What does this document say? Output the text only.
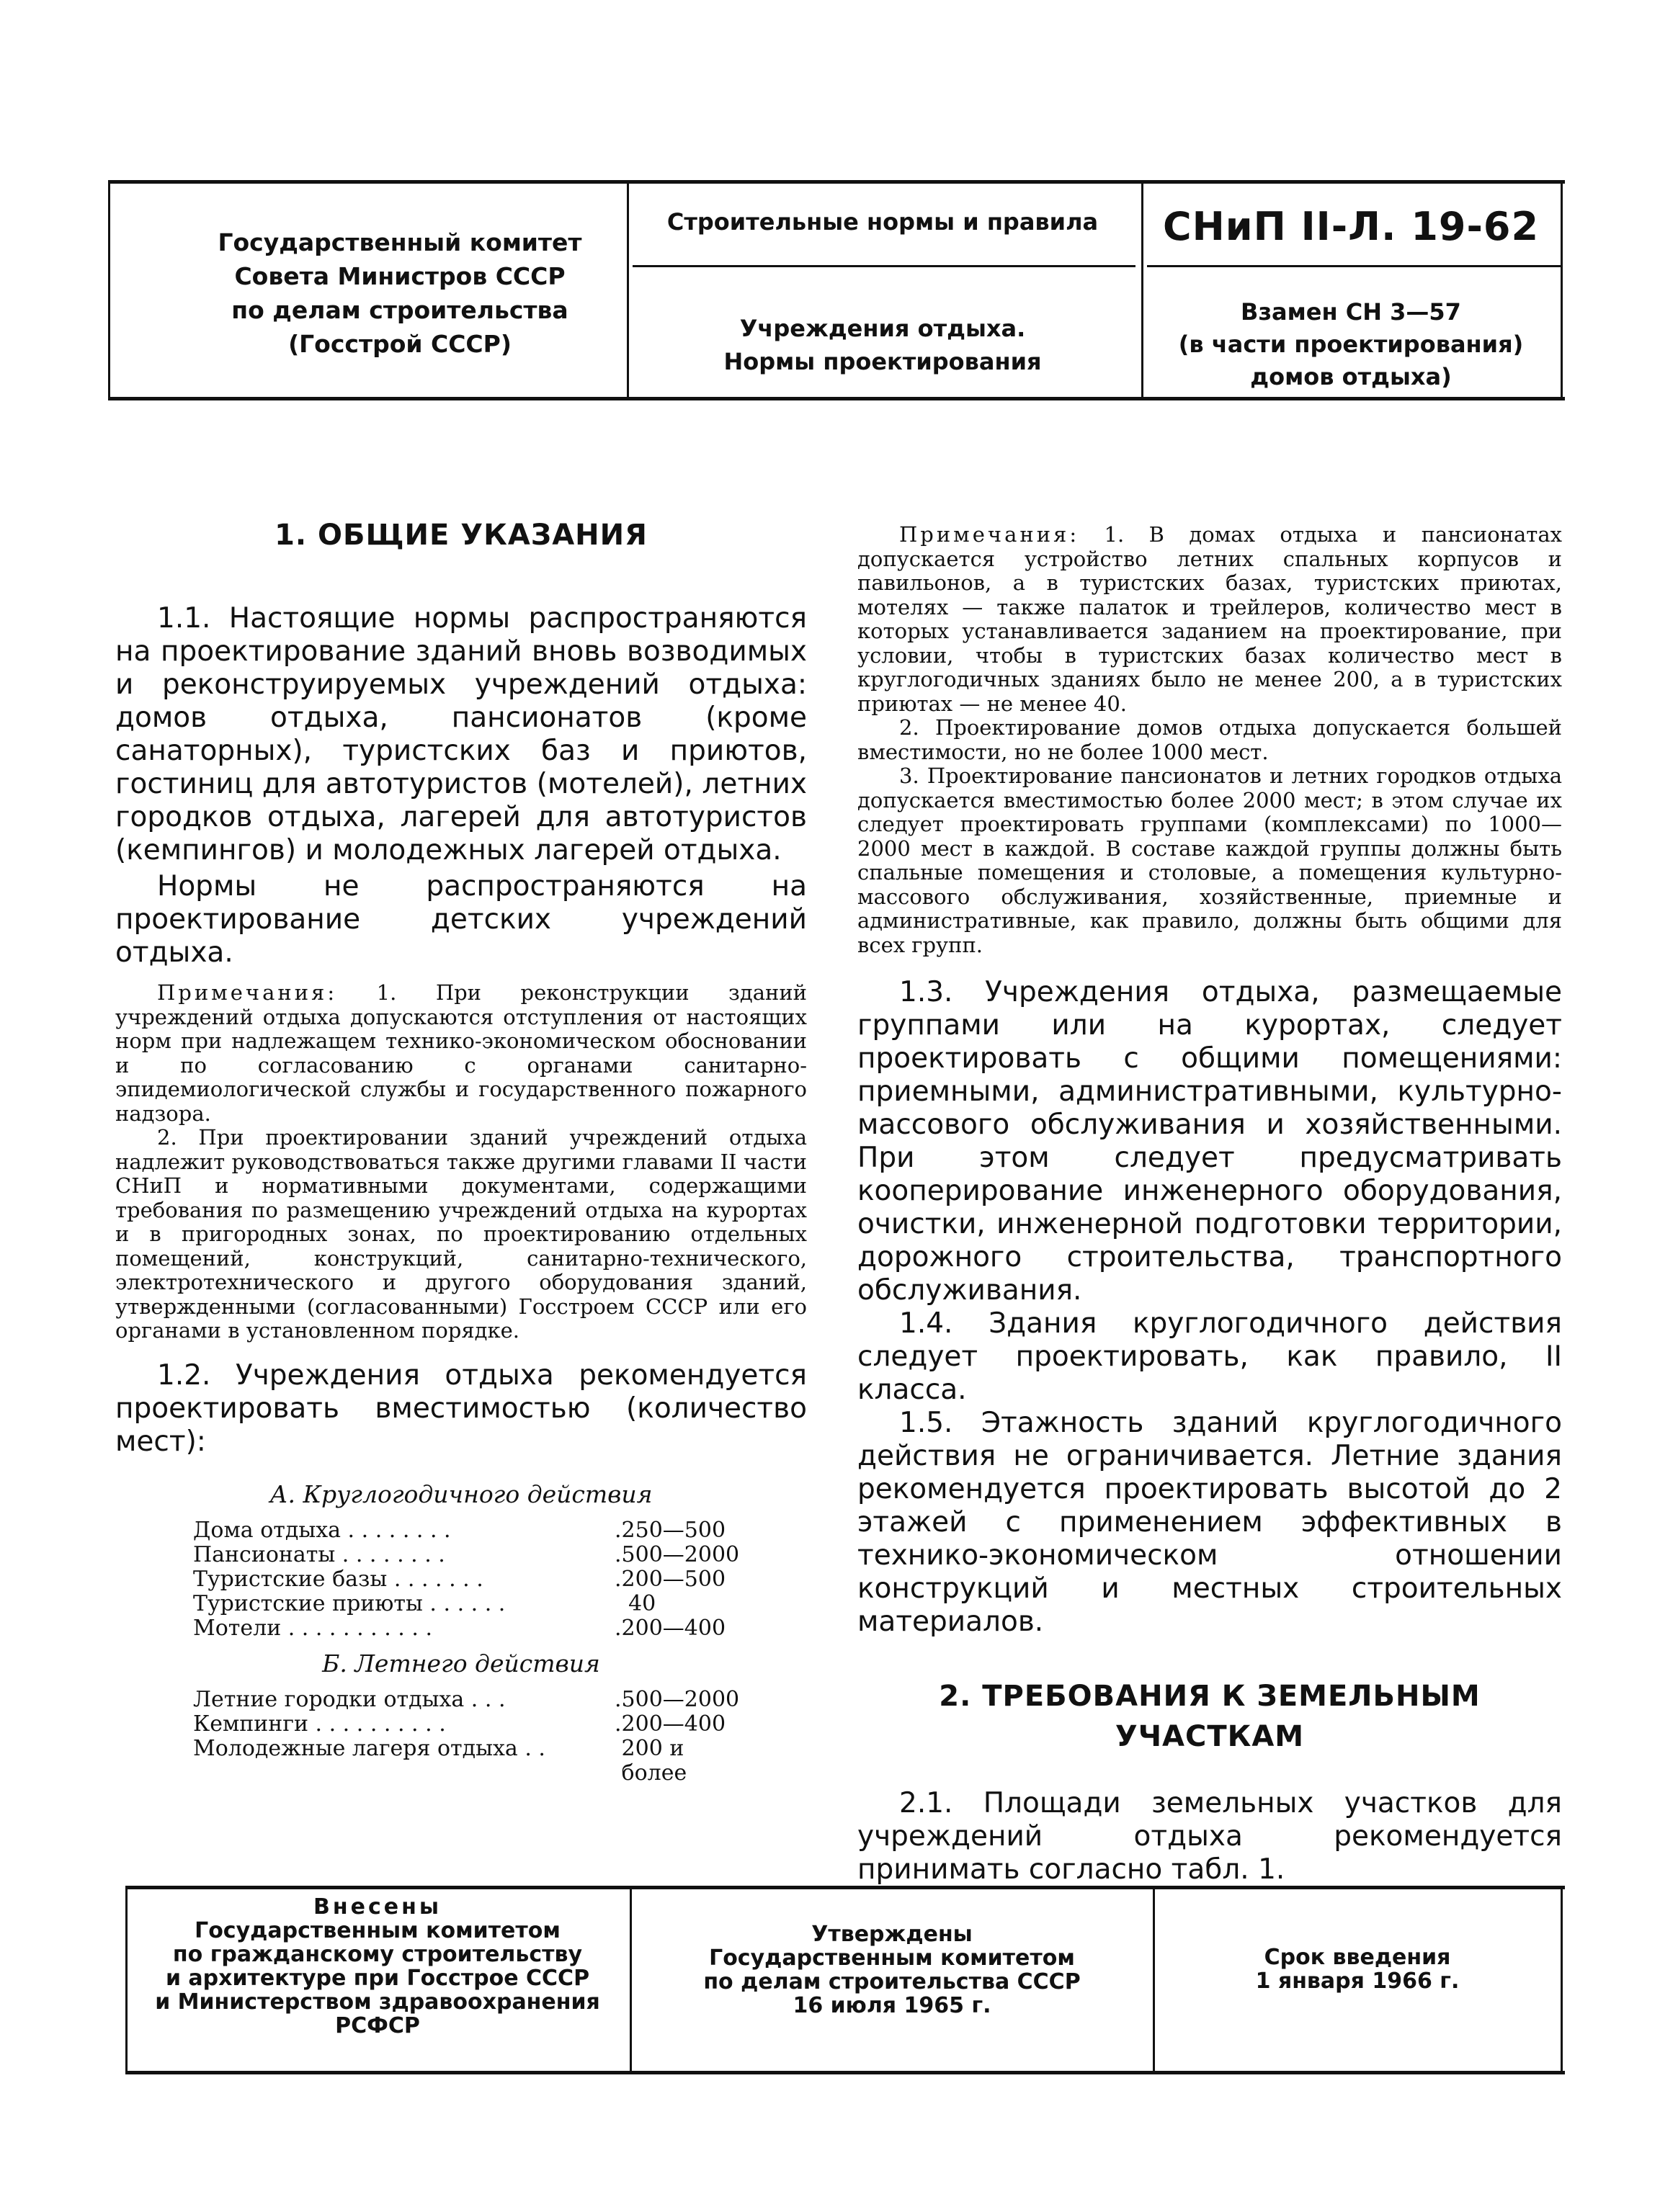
Государственный комитет
Совета Министров СССР
по делам строительства
(Госстрой СССР)
Строительные нормы и правила
Учреждения отдыха.
Нормы проектирования
СНиП II-Л. 19-62
Взамен СН 3—57
(в части проектирования)
домов отдыха)
1. ОБЩИЕ УКАЗАНИЯ

1.1. Настоящие нормы распространяются на проектирование зданий вновь возводимых и реконструируемых учреждений отдыха: домов отдыха, пансионатов (кроме санаторных), туристских баз и приютов, гостиниц для автотуристов (мотелей), летних городков отдыха, лагерей для автотуристов (кемпингов) и молодежных лагерей отдыха.

Нормы не распространяются на проектирование детских учреждений отдыха.

Примечания: 1. При реконструкции зданий учреждений отдыха допускаются отступления от настоящих норм при надлежащем технико-экономическом обосновании и по согласованию с органами санитарно-эпидемиологической службы и государственного пожарного надзора.

2. При проектировании зданий учреждений отдыха надлежит руководствоваться также другими главами II части СНиП и нормативными документами, содержащими требования по размещению учреждений отдыха на курортах и в пригородных зонах, по проектированию отдельных помещений, конструкций, санитарно-технического, электротехнического и другого оборудования зданий, утвержденными (согласованными) Госстроем СССР или его органами в установленном порядке.

1.2. Учреждения отдыха рекомендуется проектировать вместимостью (количество мест):

А. Круглогодичного действия
Дома отдыха . . . . . . . .	.250—500
Пансионаты . . . . . . . .	.500—2000
Туристские базы . . . . . . .	.200—500
Туристские приюты . . . . . .	40
Мотели . . . . . . . . . . .	.200—400
Б. Летнего действия
Летние городки отдыха . . .	.500—2000
Кемпинги . . . . . . . . . .	.200—400
Молодежные лагеря отдыха . .	200 и
более

Примечания: 1. В домах отдыха и пансионатах допускается устройство летних спальных корпусов и павильонов, а в туристских базах, туристских приютах, мотелях — также палаток и трейлеров, количество мест в которых устанавливается заданием на проектирование, при условии, чтобы в туристских базах количество мест в круглогодичных зданиях было не менее 200, а в туристских приютах — не менее 40.

2. Проектирование домов отдыха допускается большей вместимости, но не более 1000 мест.

3. Проектирование пансионатов и летних городков отдыха допускается вместимостью более 2000 мест; в этом случае их следует проектировать группами (комплексами) по 1000—2000 мест в каждой. В составе каждой группы должны быть спальные помещения и столовые, а помещения культурно-массового обслуживания, хозяйственные, приемные и административные, как правило, должны быть общими для всех групп.

1.3. Учреждения отдыха, размещаемые группами или на курортах, следует проектировать с общими помещениями: приемными, административными, культурно-массового обслуживания и хозяйственными. При этом следует предусматривать кооперирование инженерного оборудования, очистки, инженерной подготовки территории, дорожного строительства, транспортного обслуживания.

1.4. Здания круглогодичного действия следует проектировать, как правило, II класса.

1.5. Этажность зданий круглогодичного действия не ограничивается. Летние здания рекомендуется проектировать высотой до 2 этажей с применением эффективных в технико-экономическом отношении конструкций и местных строительных материалов.

2. ТРЕБОВАНИЯ К ЗЕМЕЛЬНЫМ
УЧАСТКАМ

2.1. Площади земельных участков для учреждений отдыха рекомендуется принимать согласно табл. 1.

Внесены
Государственным комитетом
по гражданскому строительству
и архитектуре при Госстрое СССР
и Министерством здравоохранения
РСФСР
Утверждены
Государственным комитетом
по делам строительства СССР
16 июля 1965 г.
Срок введения
1 января 1966 г.
